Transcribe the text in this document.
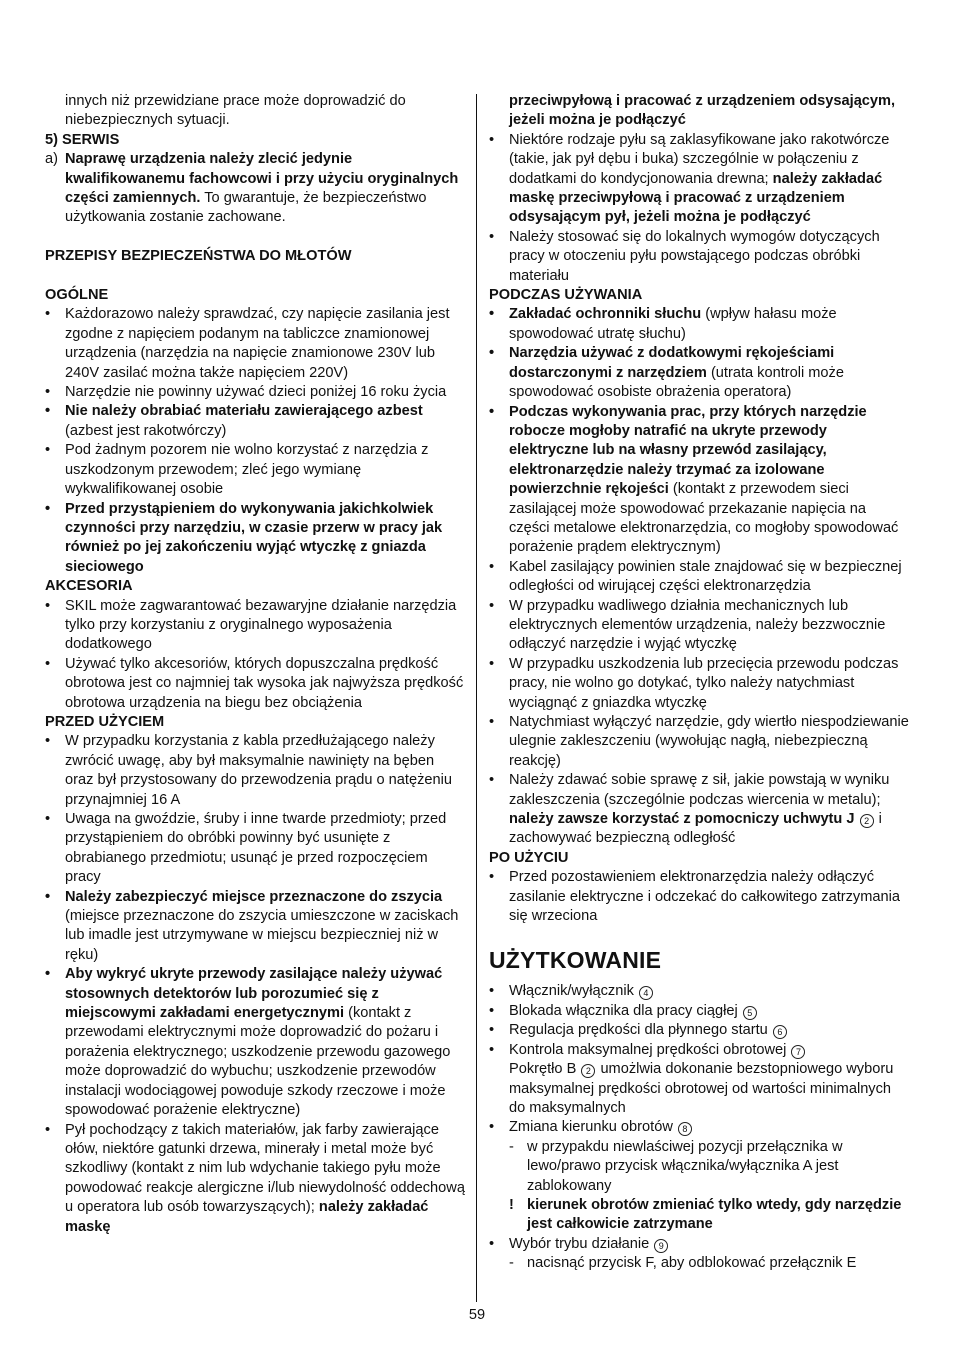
innych niż przewidziane prace może doprowadzić do niebezpiecznych sytuacji.
5) SERWIS
a) Naprawę urządzenia należy zlecić jedynie kwalifikowanemu fachowcowi i przy użyciu oryginalnych części zamiennych. To gwarantuje, że bezpieczeństwo użytkowania zostanie zachowane.
PRZEPISY BEZPIECZEŃSTWA DO MŁOTÓW
OGÓLNE
•	Każdorazowo należy sprawdzać, czy napięcie zasilania jest zgodne z napięciem podanym na tabliczce znamionowej urządzenia (narzędzia na napięcie znamionowe 230V lub 240V zasilać można także napięciem 220V)
•	Narzędzie nie powinny używać dzieci poniżej 16 roku życia
•	Nie należy obrabiać materiału zawierającego azbest (azbest jest rakotwórczy)
•	Pod żadnym pozorem nie wolno korzystać z narzędzia z uszkodzonym przewodem; zleć jego wymianę wykwalifikowanej osobie
•	Przed przystąpieniem do wykonywania jakichkolwiek czynności przy narzędziu, w czasie przerw w pracy jak również po jej zakończeniu wyjąć wtyczkę z gniazda sieciowego
AKCESORIA
•	SKIL może zagwarantować bezawaryjne działanie narzędzia tylko przy korzystaniu z oryginalnego wyposażenia dodatkowego
•	Używać tylko akcesoriów, których dopuszczalna prędkość obrotowa jest co najmniej tak wysoka jak najwyższa prędkość obrotowa urządzenia na biegu bez obciążenia
PRZED UŻYCIEM
•	W przypadku korzystania z kabla przedłużającego należy zwrócić uwagę, aby był maksymalnie nawinięty na bęben oraz był przystosowany do przewodzenia prądu o natężeniu przynajmniej 16 A
•	Uwaga na gwoździe, śruby i inne twarde przedmioty; przed przystąpieniem do obróbki powinny być usunięte z obrabianego przedmiotu; usunąć je przed rozpoczęciem pracy
•	Należy zabezpieczyć miejsce przeznaczone do zszycia (miejsce przeznaczone do zszycia umieszczone w zaciskach lub imadle jest utrzymywane w miejscu bezpieczniej niż w ręku)
•	Aby wykryć ukryte przewody zasilające należy używać stosownych detektorów lub porozumieć się z miejscowymi zakładami energetycznymi (kontakt z przewodami elektrycznymi może doprowadzić do pożaru i porażenia elektrycznego; uszkodzenie przewodu gazowego może doprowadzić do wybuchu; uszkodzenie przewodów instalacji wodociągowej powoduje szkody rzeczowe i może spowodować porażenie elektryczne)
•	Pył pochodzący z takich materiałów, jak farby zawierające ołów, niektóre gatunki drzewa, minerały i metal może być szkodliwy (kontakt z nim lub wdychanie takiego pyłu może powodować reakcje alergiczne i/lub niewydolność oddechową u operatora lub osób towarzyszących); należy zakładać maskę
przeciwpyłową i pracować z urządzeniem odsysającym, jeżeli można je podłączyć
•	Niektóre rodzaje pyłu są zaklasyfikowane jako rakotwórcze (takie, jak pył dębu i buka) szczególnie w połączeniu z dodatkami do kondycjonowania drewna; należy zakładać maskę przeciwpyłową i pracować z urządzeniem odsysającym pył, jeżeli można je podłączyć
•	Należy stosować się do lokalnych wymogów dotyczących pracy w otoczeniu pyłu powstającego podczas obróbki materiału
PODCZAS UŻYWANIA
•	Zakładać ochronniki słuchu (wpływ hałasu może spowodować utratę słuchu)
•	Narzędzia używać z dodatkowymi rękojeściami dostarczonymi z narzędziem (utrata kontroli może spowodować osobiste obrażenia operatora)
•	Podczas wykonywania prac, przy których narzędzie robocze mogłoby natrafić na ukryte przewody elektryczne lub na własny przewód zasilający, elektronarzędzie należy trzymać za izolowane powierzchnie rękojeści (kontakt z przewodem sieci zasilającej może spowodować przekazanie napięcia na części metalowe elektronarzędzia, co mogłoby spowodować porażenie prądem elektrycznym)
•	Kabel zasilający powinien stale znajdować się w bezpiecznej odległości od wirującej części elektronarzędzia
•	W przypadku wadliwego działnia mechanicznych lub elektrycznych elementów urządzenia, należy bezzwocznie odłączyć narzędzie i wyjąć wtyczkę
•	W przypadku uszkodzenia lub przecięcia przewodu podczas pracy, nie wolno go dotykać, tylko należy natychmiast wyciągnąć z gniazdka wtyczkę
•	Natychmiast wyłączyć narzędzie, gdy wiertło niespodziewanie ulegnie zakleszczeniu (wywołując nagłą, niebezpieczną reakcję)
•	Należy zdawać sobie sprawę z sił, jakie powstają w wyniku zakleszczenia (szczególnie podczas wiercenia w metalu); należy zawsze korzystać z pomocniczy uchwytu J 2 i zachowywać bezpieczną odległość
PO UŻYCIU
•	Przed pozostawieniem elektronarzędzia należy odłączyć zasilanie elektryczne i odczekać do całkowitego zatrzymania się wrzeciona
UŻYTKOWANIE
•	Włącznik/wyłącznik 4
•	Blokada włącznika dla pracy ciągłej 5
•	Regulacja prędkości dla płynnego startu 6
•	Kontrola maksymalnej prędkości obrotowej 7
Pokrętło B 2 umożlwia dokonanie bezstopniowego wyboru maksymalnej prędkości obrotowej od wartości minimalnych do maksymalnych
•	Zmiana kierunku obrotów 8
- w przypakdu niewlaściwej pozycji przełącznika w lewo/prawo przycisk włącznika/wyłącznika A jest zablokowany
! kierunek obrotów zmieniać tylko wtedy, gdy narzędzie jest całkowicie zatrzymane
•	Wybór trybu działanie 9
- nacisnąć przycisk F, aby odblokować przełącznik E
59
